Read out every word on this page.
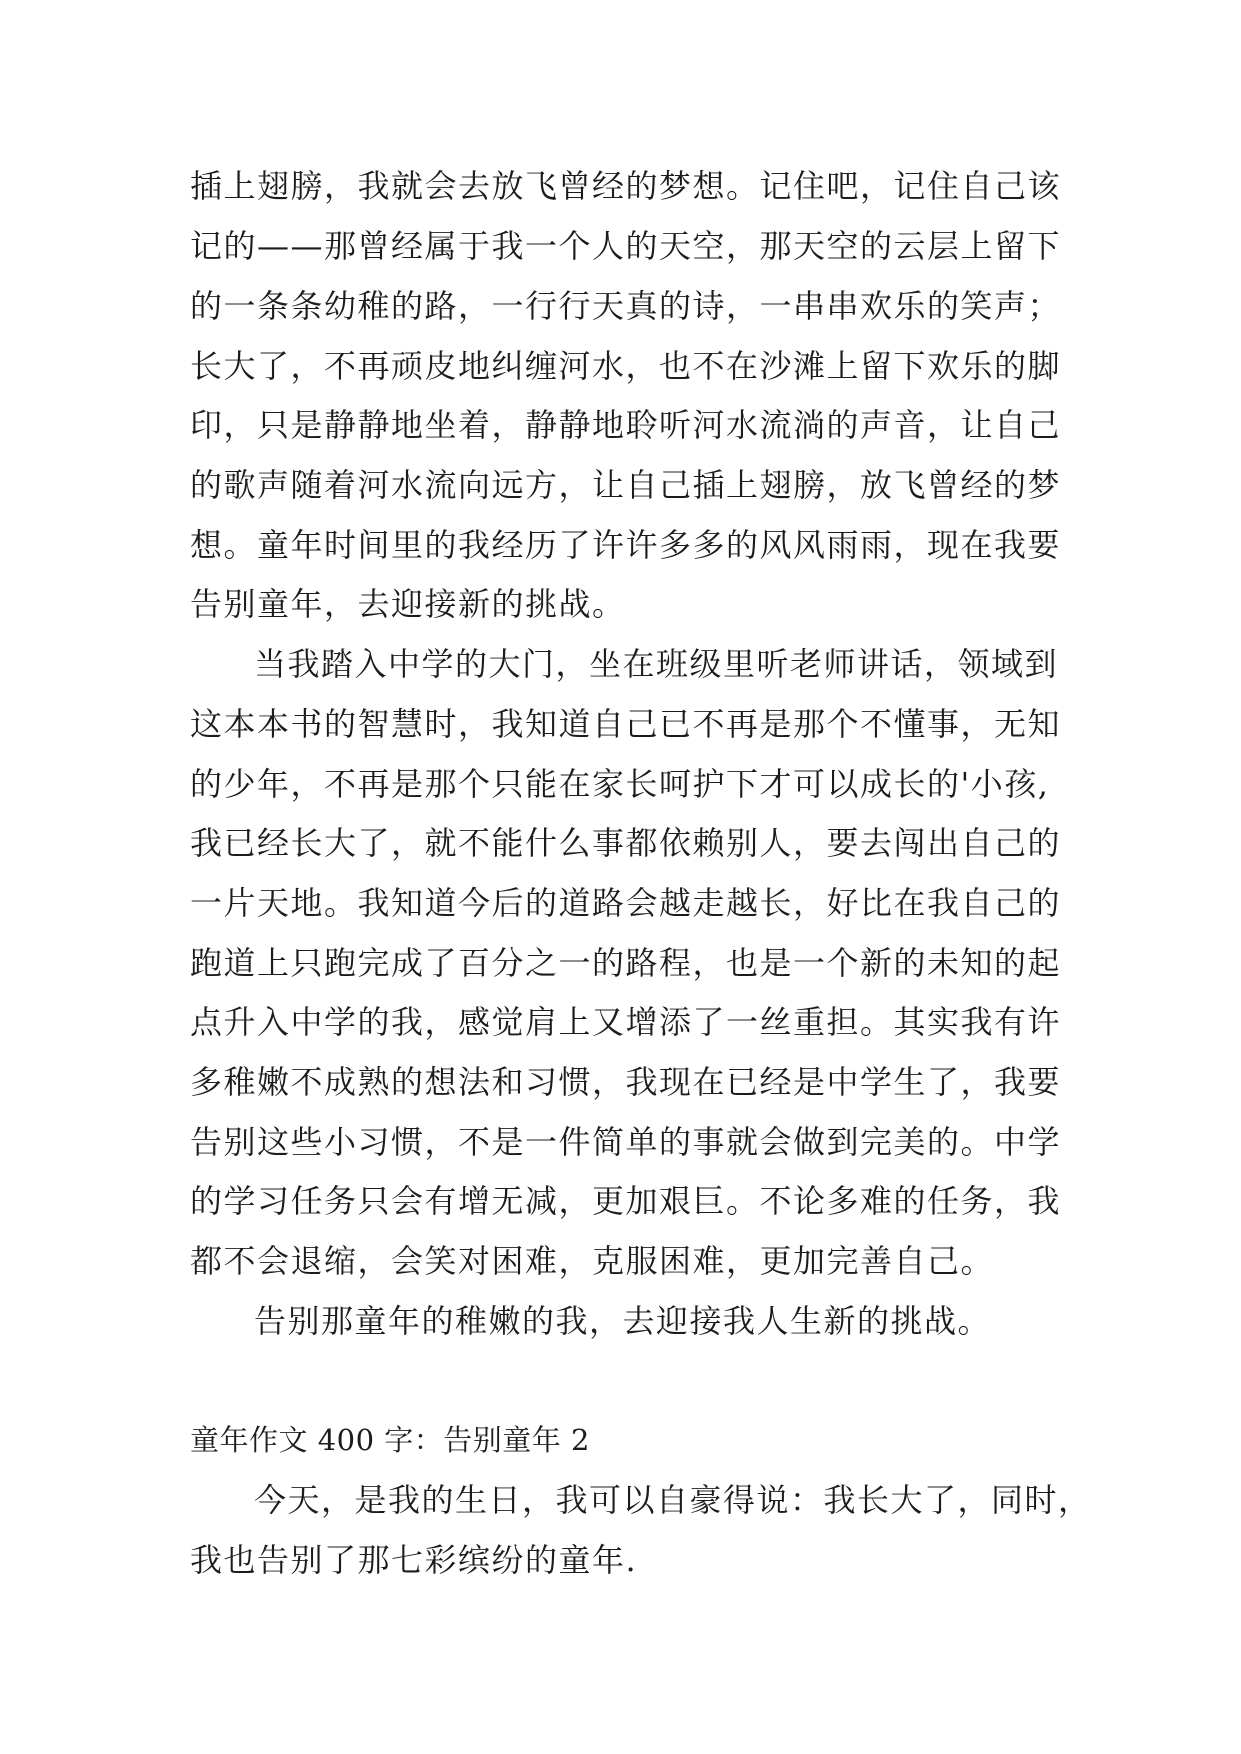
插上翅膀，我就会去放飞曾经的梦想。记住吧，记住自己该
记的——那曾经属于我一个人的天空，那天空的云层上留下
的一条条幼稚的路，一行行天真的诗，一串串欢乐的笑声；
长大了，不再顽皮地纠缠河水，也不在沙滩上留下欢乐的脚
印，只是静静地坐着，静静地聆听河水流淌的声音，让自己
的歌声随着河水流向远方，让自己插上翅膀，放飞曾经的梦
想。童年时间里的我经历了许许多多的风风雨雨，现在我要
告别童年，去迎接新的挑战。
当我踏入中学的大门，坐在班级里听老师讲话，领域到
这本本书的智慧时，我知道自己已不再是那个不懂事，无知
的少年，不再是那个只能在家长呵护下才可以成长的'小孩,
我已经长大了，就不能什么事都依赖别人，要去闯出自己的
一片天地。我知道今后的道路会越走越长，好比在我自己的
跑道上只跑完成了百分之一的路程，也是一个新的未知的起
点升入中学的我，感觉肩上又增添了一丝重担。其实我有许
多稚嫩不成熟的想法和习惯，我现在已经是中学生了，我要
告别这些小习惯，不是一件简单的事就会做到完美的。中学
的学习任务只会有增无减，更加艰巨。不论多难的任务，我
都不会退缩，会笑对困难，克服困难，更加完善自己。
告别那童年的稚嫩的我，去迎接我人生新的挑战。
童年作文 400 字：告别童年 2
今天，是我的生日，我可以自豪得说：我长大了，同时，
我也告别了那七彩缤纷的童年.
